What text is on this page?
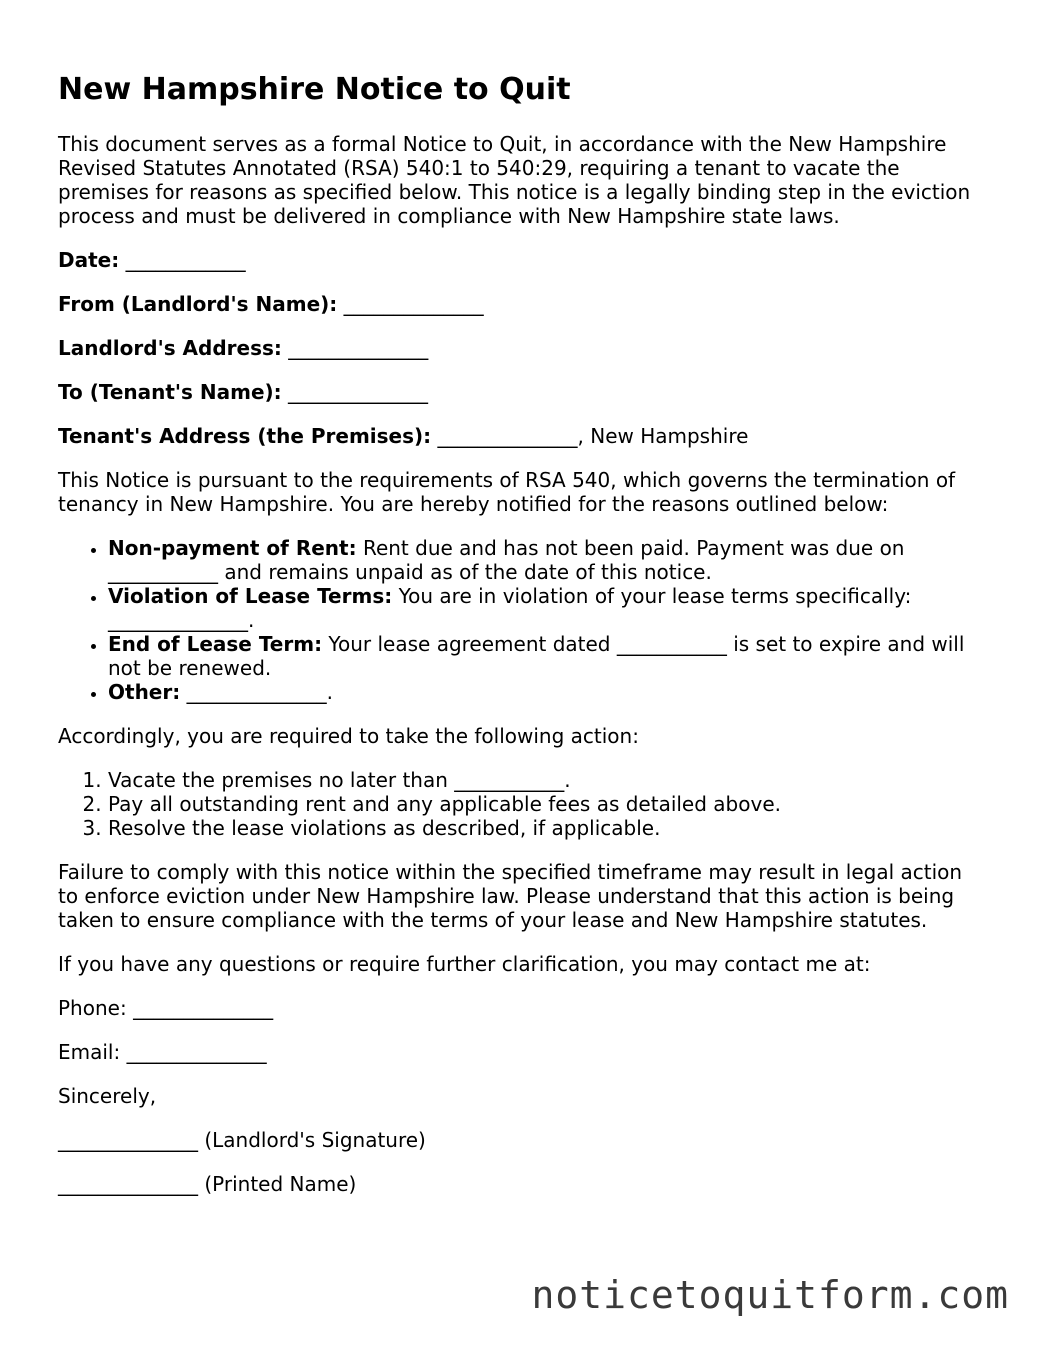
New Hampshire Notice to Quit

This document serves as a formal Notice to Quit, in accordance with the New Hampshire Revised Statutes Annotated (RSA) 540:1 to 540:29, requiring a tenant to vacate the premises for reasons as specified below. This notice is a legally binding step in the eviction process and must be delivered in compliance with New Hampshire state laws.

Date: ____________

From (Landlord's Name): ______________

Landlord's Address: ______________

To (Tenant's Name): ______________

Tenant's Address (the Premises): ______________, New Hampshire

This Notice is pursuant to the requirements of RSA 540, which governs the termination of tenancy in New Hampshire. You are hereby notified for the reasons outlined below:

• Non-payment of Rent: Rent due and has not been paid. Payment was due on ___________ and remains unpaid as of the date of this notice.
• Violation of Lease Terms: You are in violation of your lease terms specifically: ______________.
• End of Lease Term: Your lease agreement dated ___________ is set to expire and will not be renewed.
• Other: ______________.

Accordingly, you are required to take the following action:

1. Vacate the premises no later than ___________.
2. Pay all outstanding rent and any applicable fees as detailed above.
3. Resolve the lease violations as described, if applicable.

Failure to comply with this notice within the specified timeframe may result in legal action to enforce eviction under New Hampshire law. Please understand that this action is being taken to ensure compliance with the terms of your lease and New Hampshire statutes.

If you have any questions or require further clarification, you may contact me at:

Phone: ______________

Email: ______________

Sincerely,

______________ (Landlord's Signature)

______________ (Printed Name)

noticetoquitform.com
